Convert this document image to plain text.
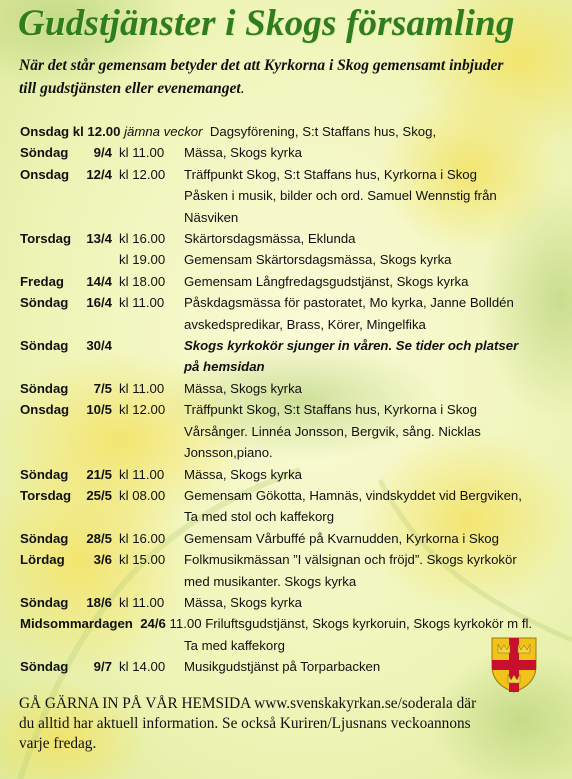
Gudstjänster i Skogs församling

När det står gemensam betyder det att Kyrkorna i Skog gemensamt inbjuder
till gudstjänsten eller evenemanget.

Onsdag kl 12.00 jämna veckor Dagsyförening, S:t Staffans hus, Skog,
Söndag	9/4 kl 11.00 Mässa, Skogs kyrka
Onsdag	12/4 kl 12.00 Träffpunkt Skog, S:t Staffans hus, Kyrkorna i Skog
Påsken i musik, bilder och ord. Samuel Wennstig från
Näsviken
Torsdag	13/4 kl 16.00 Skärtorsdagsmässa, Eklunda
kl 19.00 Gemensam Skärtorsdagsmässa, Skogs kyrka
Fredag	14/4 kl 18.00 Gemensam Långfredagsgudstjänst, Skogs kyrka
Söndag	16/4 kl 11.00 Påskdagsmässa för pastoratet, Mo kyrka, Janne Bolldén
avskedspredikar, Brass, Körer, Mingelfika
Söndag	30/4	Skogs kyrkokör sjunger in våren. Se tider och platser
på hemsidan
Söndag	7/5 kl 11.00 Mässa, Skogs kyrka
Onsdag	10/5 kl 12.00 Träffpunkt Skog, S:t Staffans hus, Kyrkorna i Skog
Vårsånger. Linnéa Jonsson, Bergvik, sång. Nicklas
Jonsson,piano.
Söndag	21/5 kl 11.00 Mässa, Skogs kyrka
Torsdag	25/5 kl 08.00 Gemensam Gökotta, Hamnäs, vindskyddet vid Bergviken,
Ta med stol och kaffekorg
Söndag	28/5 kl 16.00 Gemensam Vårbuffé på Kvarnudden, Kyrkorna i Skog
Lördag	3/6 kl 15.00 Folkmusikmässan ”I välsignan och fröjd”. Skogs kyrkokör
med musikanter. Skogs kyrka
Söndag	18/6 kl 11.00 Mässa, Skogs kyrka
Midsommardagen 24/6 11.00 Friluftsgudstjänst, Skogs kyrkoruin, Skogs kyrkokör m fl.
Ta med kaffekorg
Söndag	9/7 kl 14.00 Musikgudstjänst på Torparbacken

GÅ GÄRNA IN PÅ VÅR HEMSIDA www.svenskakyrkan.se/soderala där
du alltid har aktuell information. Se också Kuriren/Ljusnans veckoannons
varje fredag.
